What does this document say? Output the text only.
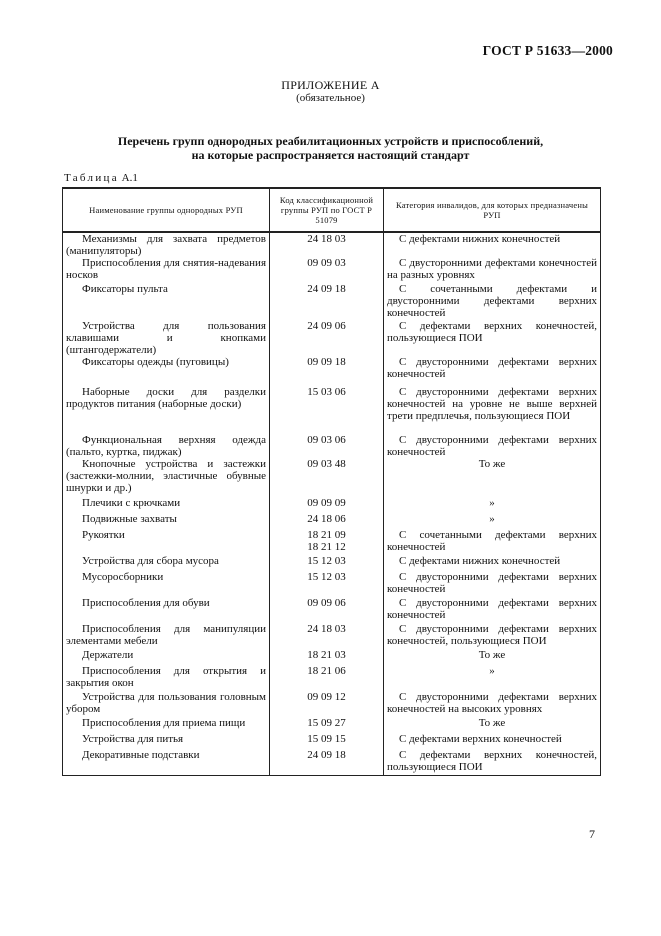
ГОСТ Р 51633—2000
ПРИЛОЖЕНИЕ А
(обязательное)
Перечень групп однородных реабилитационных устройств и приспособлений,
на которые распространяется настоящий стандарт
Таблица А.1
Наименование группы однородных РУП	Код классификационной группы РУП по ГОСТ Р 51079	Категория инвалидов, для которых предназначены РУП

Механизмы для захвата предметов (манипуляторы)	24 18 03	С дефектами нижних конечностей

Приспособления для снятия-надевания носков	09 09 03	С двусторонними дефектами конечностей на разных уровнях

Фиксаторы пульта	24 09 18	С сочетанными дефектами и двусторонними дефектами верхних конечностей

Устройства для пользования клавишами и кнопками (штангодержатели)	24 09 06	С дефектами верхних конечностей, пользующиеся ПОИ

Фиксаторы одежды (пуговицы)	09 09 18	С двусторонними дефектами верхних конечностей

Наборные доски для разделки продуктов питания (наборные доски)	15 03 06	С двусторонними дефектами верхних конечностей на уровне не выше верхней трети предплечья, пользующиеся ПОИ

Функциональная верхняя одежда (пальто, куртка, пиджак)	09 03 06	С двусторонними дефектами верхних конечностей

Кнопочные устройства и застежки (застежки-молнии, эластичные обувные шнурки и др.)	09 03 48	То же

Плечики с крючками	09 09 09	»

Подвижные захваты	24 18 06	»

Рукоятки	18 21 09
18 21 12	С сочетанными дефектами верхних конечностей

Устройства для сбора мусора	15 12 03	С дефектами нижних конечностей

Мусоросборники	15 12 03	С двусторонними дефектами верхних конечностей

Приспособления для обуви	09 09 06	С двусторонними дефектами верхних конечностей

Приспособления для манипуляции элементами мебели	24 18 03	С двусторонними дефектами верхних конечностей, пользующиеся ПОИ

Держатели	18 21 03	То же

Приспособления для открытия и закрытия окон	18 21 06	»

Устройства для пользования головным убором	09 09 12	С двусторонними дефектами верхних конечностей на высоких уровнях

Приспособления для приема пищи	15 09 27	То же

Устройства для питья	15 09 15	С дефектами верхних конечностей

Декоративные подставки	24 09 18	С дефектами верхних конечностей, пользующиеся ПОИ
7
